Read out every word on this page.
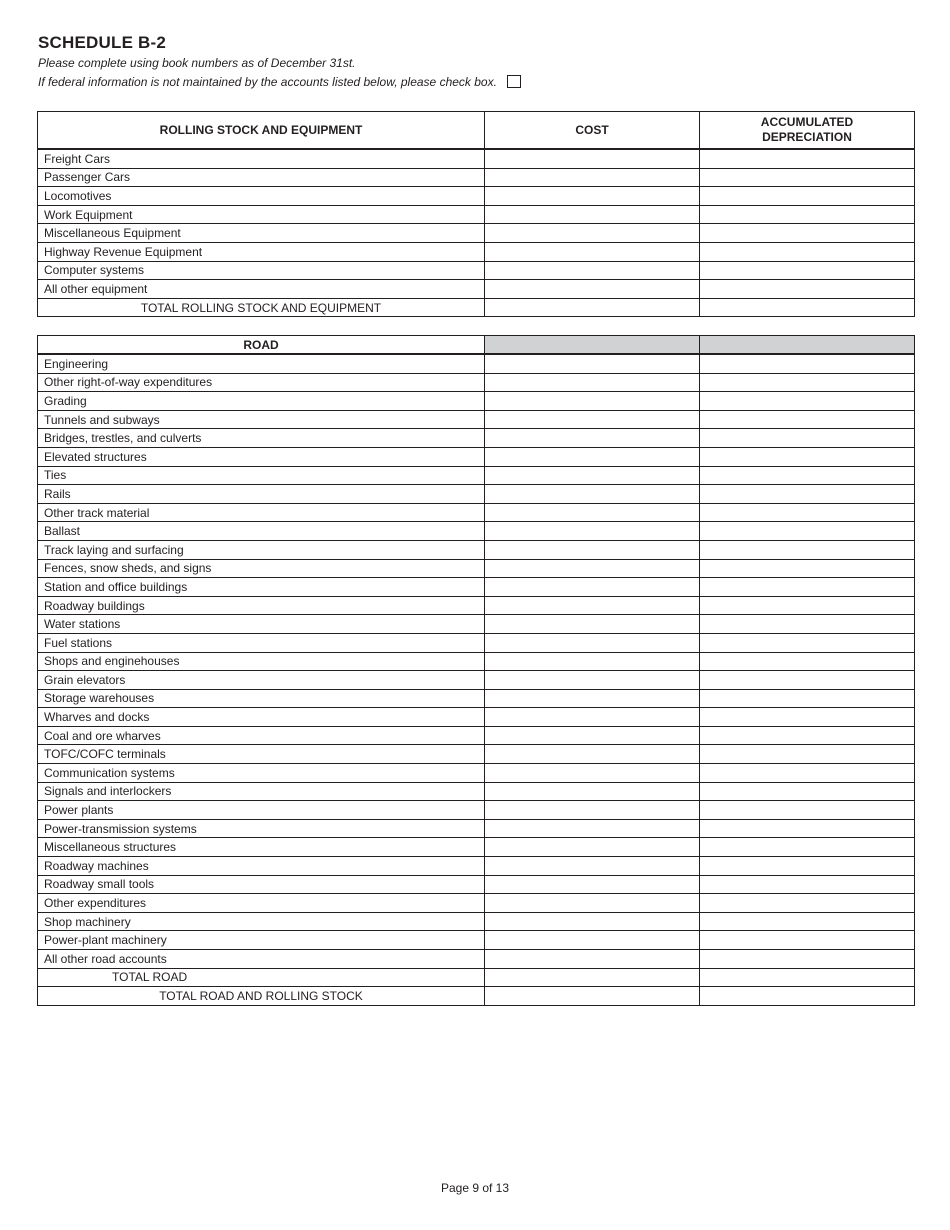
SCHEDULE B-2
Please complete using book numbers as of December 31st.
If federal information is not maintained by the accounts listed below, please check box.
ROLLING STOCK AND EQUIPMENT	COST	ACCUMULATED
DEPRECIATION
Freight Cars		
Passenger Cars		
Locomotives		
Work Equipment		
Miscellaneous Equipment		
Highway Revenue Equipment		
Computer systems		
All other equipment		
TOTAL ROLLING STOCK AND EQUIPMENT		
ROAD		
Engineering		
Other right-of-way expenditures		
Grading		
Tunnels and subways		
Bridges, trestles, and culverts		
Elevated structures		
Ties		
Rails		
Other track material		
Ballast		
Track laying and surfacing		
Fences, snow sheds, and signs		
Station and office buildings		
Roadway buildings		
Water stations		
Fuel stations		
Shops and enginehouses		
Grain elevators		
Storage warehouses		
Wharves and docks		
Coal and ore wharves		
TOFC/COFC terminals		
Communication systems		
Signals and interlockers		
Power plants		
Power-transmission systems		
Miscellaneous structures		
Roadway machines		
Roadway small tools		
Other expenditures		
Shop machinery		
Power-plant machinery		
All other road accounts		
TOTAL ROAD		
TOTAL ROAD AND ROLLING STOCK		
Page 9 of 13
